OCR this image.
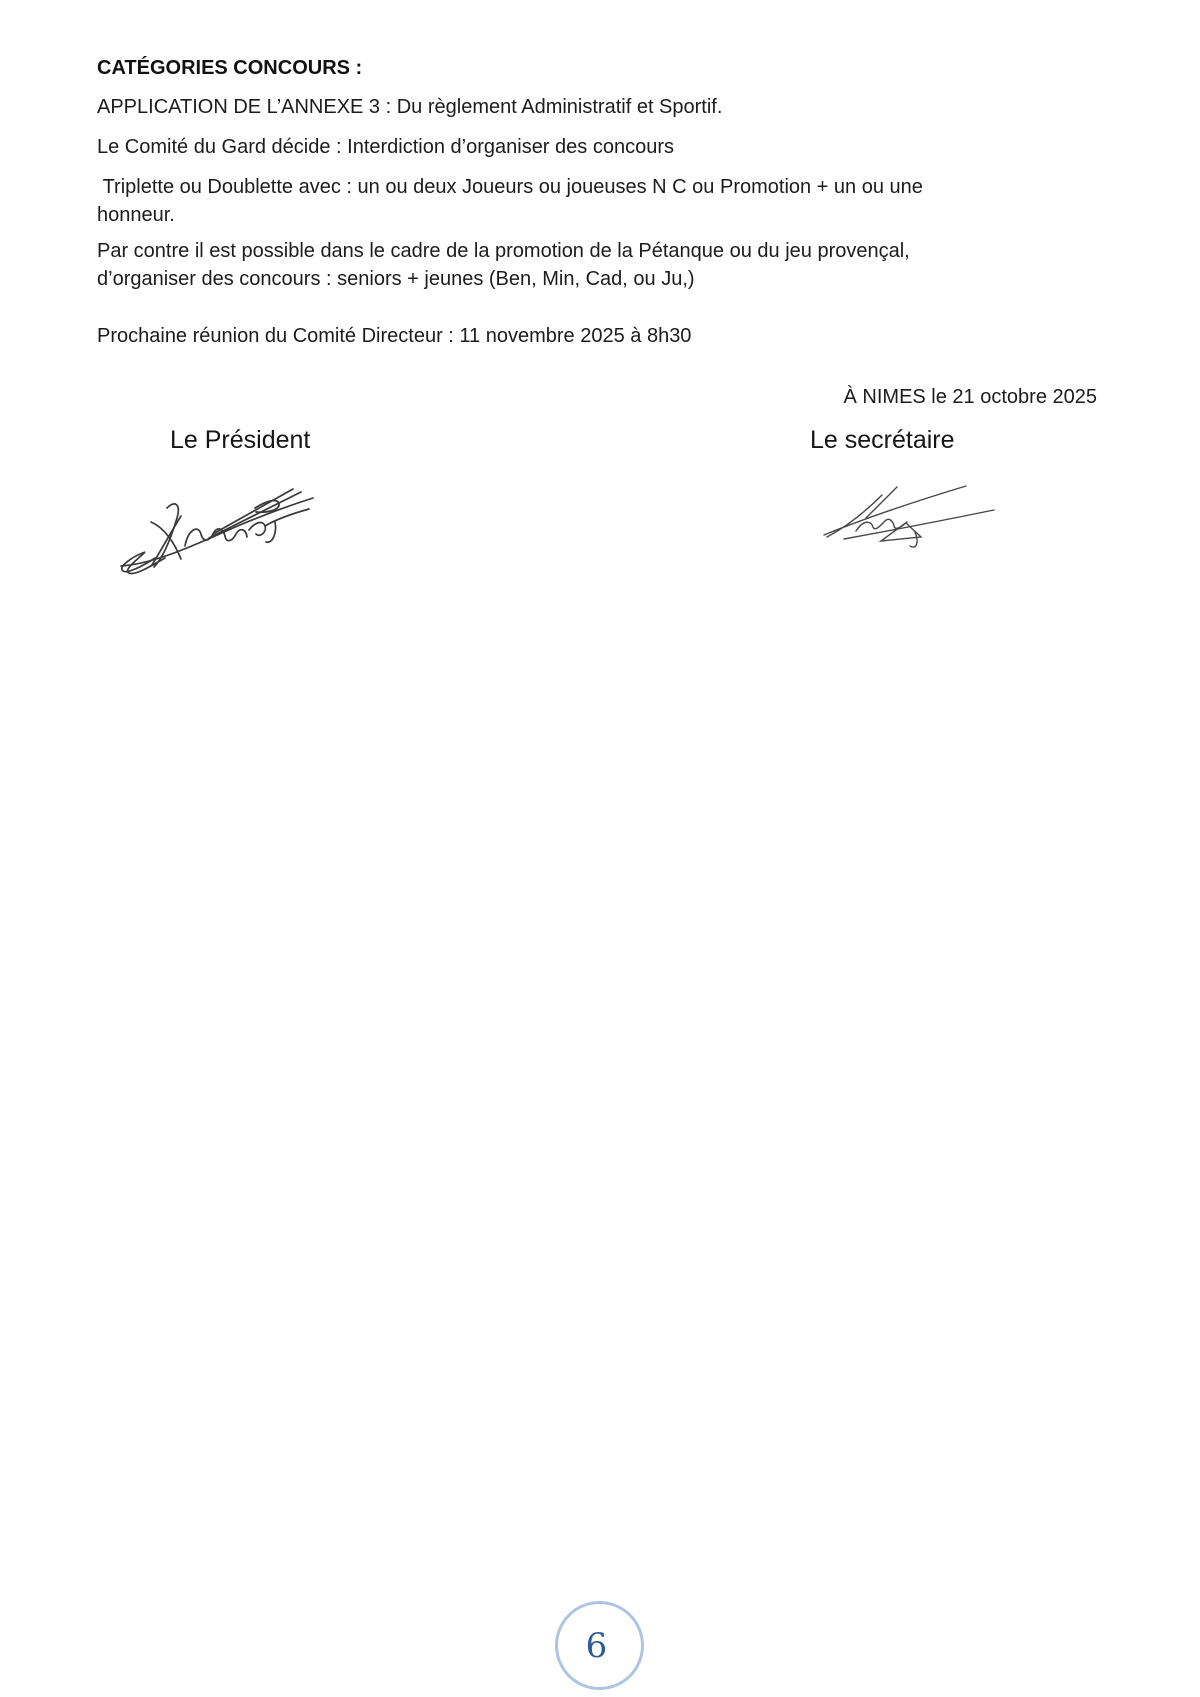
CATÉGORIES CONCOURS :
APPLICATION DE L’ANNEXE 3 : Du règlement Administratif et Sportif.
Le Comité du Gard décide : Interdiction d’organiser des concours
Triplette ou Doublette avec : un ou deux Joueurs ou joueuses N C ou Promotion + un ou une
honneur.
Par contre il est possible dans le cadre de la promotion de la Pétanque ou du jeu provençal,
d’organiser des concours : seniors + jeunes (Ben, Min, Cad, ou Ju,)
Prochaine réunion du Comité Directeur : 11 novembre 2025 à 8h30
À NIMES le 21 octobre 2025
Le Président	Le secrétaire
6
